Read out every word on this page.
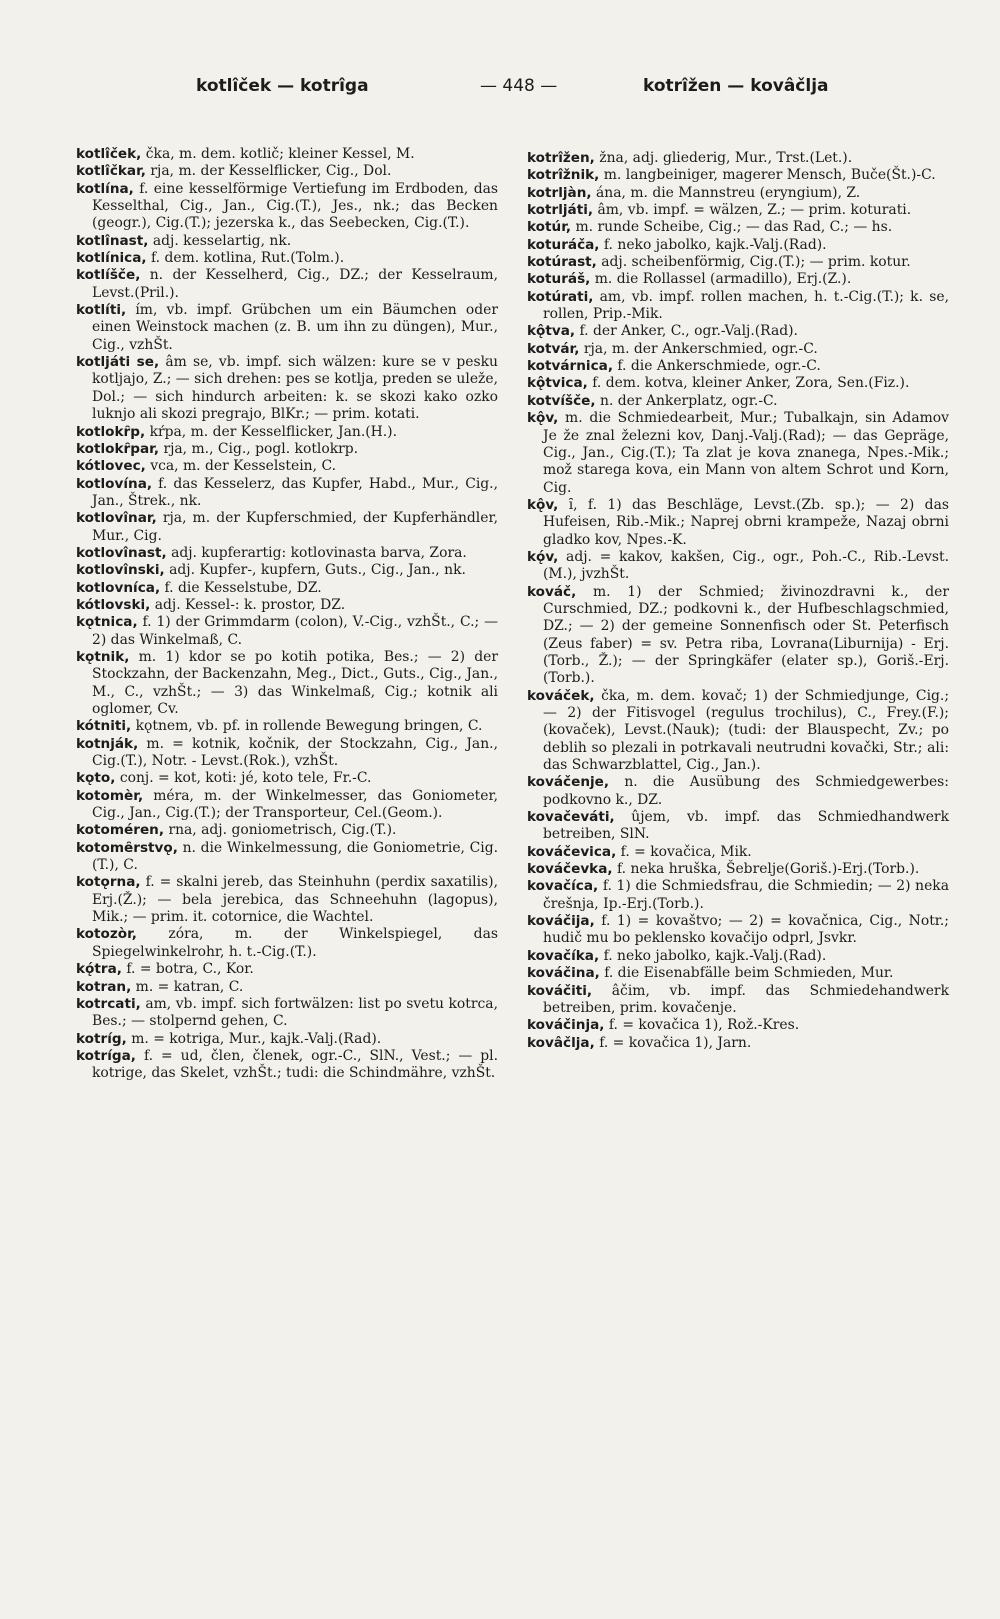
kotlîček — kotrîga	— 448 —	kotrîžen — kovâčlja

kotlîček, čka, m. dem. kotlič; kleiner Kessel, M.

kotlîčkar, rja, m. der Kesselflicker, Cig., Dol.

kotlína, f. eine kesselförmige Vertiefung im Erdboden, das Kesselthal, Cig., Jan., Cig.(T.), Jes., nk.; das Becken (geogr.), Cig.(T.); jezerska k., das Seebecken, Cig.(T.).

kotlînast, adj. kesselartig, nk.

kotlínica, f. dem. kotlina, Rut.(Tolm.).

kotlíšče, n. der Kesselherd, Cig., DZ.; der Kesselraum, Levst.(Pril.).

kotlíti, ím, vb. impf. Grübchen um ein Bäumchen oder einen Weinstock machen (z. B. um ihn zu düngen), Mur., Cig., vzhŠt.

kotljáti se, âm se, vb. impf. sich wälzen: kure se v pesku kotljajo, Z.; — sich drehen: pes se kotlja, preden se uleže, Dol.; — sich hindurch arbeiten: k. se skozi kako ozko luknjo ali skozi pregrajo, BlKr.; — prim. kotati.

kotlokȓp, kŕpa, m. der Kesselflicker, Jan.(H.).

kotlokȓpar, rja, m., Cig., pogl. kotlokrp.

kótlovec, vca, m. der Kesselstein, C.

kotlovína, f. das Kesselerz, das Kupfer, Habd., Mur., Cig., Jan., Štrek., nk.

kotlovînar, rja, m. der Kupferschmied, der Kupferhändler, Mur., Cig.

kotlovînast, adj. kupferartig: kotlovinasta barva, Zora.

kotlovînski, adj. Kupfer-, kupfern, Guts., Cig., Jan., nk.

kotlovníca, f. die Kesselstube, DZ.

kótlovski, adj. Kessel-: k. prostor, DZ.

kǫtnica, f. 1) der Grimmdarm (colon), V.-Cig., vzhŠt., C.; — 2) das Winkelmaß, C.

kǫtnik, m. 1) kdor se po kotih potika, Bes.; — 2) der Stockzahn, der Backenzahn, Meg., Dict., Guts., Cig., Jan., M., C., vzhŠt.; — 3) das Winkelmaß, Cig.; kotnik ali oglomer, Cv.

kótniti, kǫtnem, vb. pf. in rollende Bewegung bringen, C.

kotnják, m. = kotnik, kočnik, der Stockzahn, Cig., Jan., Cig.(T.), Notr. - Levst.(Rok.), vzhŠt.

kǫto, conj. = kot, koti: jé, koto tele, Fr.-C.

kotomèr, méra, m. der Winkelmesser, das Goniometer, Cig., Jan., Cig.(T.); der Transporteur, Cel.(Geom.).

kotoméren, rna, adj. goniometrisch, Cig.(T.).

kotomȇrstvǫ, n. die Winkelmessung, die Goniometrie, Cig.(T.), C.

kotǫrna, f. = skalni jereb, das Steinhuhn (perdix saxatilis), Erj.(Ž.); — bela jerebica, das Schneehuhn (lagopus), Mik.; — prim. it. cotornice, die Wachtel.

kotozòr, zóra, m. der Winkelspiegel, das Spiegelwinkelrohr, h. t.-Cig.(T.).

kǫ́tra, f. = botra, C., Kor.

kotran, m. = katran, C.

kotrcati, am, vb. impf. sich fortwälzen: list po svetu kotrca, Bes.; — stolpernd gehen, C.

kotríg, m. = kotriga, Mur., kajk.-Valj.(Rad).

kotríga, f. = ud, člen, členek, ogr.-C., SlN., Vest.; — pl. kotrige, das Skelet, vzhŠt.; tudi: die Schindmähre, vzhŠt.

kotrîžen, žna, adj. gliederig, Mur., Trst.(Let.).

kotrîžnik, m. langbeiniger, magerer Mensch, Buče(Št.)-C.

kotrljàn, ána, m. die Mannstreu (eryngium), Z.

kotrljáti, âm, vb. impf. = wälzen, Z.; — prim. koturati.

kotúr, m. runde Scheibe, Cig.; — das Rad, C.; — hs.

koturáča, f. neko jabolko, kajk.-Valj.(Rad).

kotúrast, adj. scheibenförmig, Cig.(T.); — prim. kotur.

koturáš, m. die Rollassel (armadillo), Erj.(Z.).

kotúrati, am, vb. impf. rollen machen, h. t.-Cig.(T.); k. se, rollen, Prip.-Mik.

kǫ̂tva, f. der Anker, C., ogr.-Valj.(Rad).

kotvár, rja, m. der Ankerschmied, ogr.-C.

kotvárnica, f. die Ankerschmiede, ogr.-C.

kǫ̂tvica, f. dem. kotva, kleiner Anker, Zora, Sen.(Fiz.).

kotvíšče, n. der Ankerplatz, ogr.-C.

kǫ̂v, m. die Schmiedearbeit, Mur.; Tubalkajn, sin Adamov Je že znal železni kov, Danj.-Valj.(Rad); — das Gepräge, Cig., Jan., Cig.(T.); Ta zlat je kova znanega, Npes.-Mik.; mož starega kova, ein Mann von altem Schrot und Korn, Cig.

kǫ̂v, ȋ, f. 1) das Beschläge, Levst.(Zb. sp.); — 2) das Hufeisen, Rib.-Mik.; Naprej obrni krampeže, Nazaj obrni gladko kov, Npes.-K.

kǫ́v, adj. = kakov, kakšen, Cig., ogr., Poh.-C., Rib.-Levst.(M.), jvzhŠt.

kováč, m. 1) der Schmied; živinozdravni k., der Curschmied, DZ.; podkovni k., der Hufbeschlagschmied, DZ.; — 2) der gemeine Sonnenfisch oder St. Peterfisch (Zeus faber) = sv. Petra riba, Lovrana(Liburnija) - Erj.(Torb., Ž.); — der Springkäfer (elater sp.), Goriš.-Erj.(Torb.).

kováček, čka, m. dem. kovač; 1) der Schmiedjunge, Cig.; — 2) der Fitisvogel (regulus trochilus), C., Frey.(F.); (kovaček), Levst.(Nauk); (tudi: der Blauspecht, Zv.; po deblih so plezali in potrkavali neutrudni kovački, Str.; ali: das Schwarzblattel, Cig., Jan.).

kováčenje, n. die Ausübung des Schmiedgewerbes: podkovno k., DZ.

kovačeváti, ûjem, vb. impf. das Schmiedhandwerk betreiben, SlN.

kováčevica, f. = kovačica, Mik.

kováčevka, f. neka hruška, Šebrelje(Goriš.)-Erj.(Torb.).

kovačíca, f. 1) die Schmiedsfrau, die Schmiedin; — 2) neka črešnja, Ip.-Erj.(Torb.).

kováčija, f. 1) = kovaštvo; — 2) = kovačnica, Cig., Notr.; hudič mu bo peklensko kovačijo odprl, Jsvkr.

kovačíka, f. neko jabolko, kajk.-Valj.(Rad).

kováčina, f. die Eisenabfälle beim Schmieden, Mur.

kováčiti, âčim, vb. impf. das Schmiedehandwerk betreiben, prim. kovačenje.

kováčinja, f. = kovačica 1), Rož.-Kres.

kovâčlja, f. = kovačica 1), Jarn.
